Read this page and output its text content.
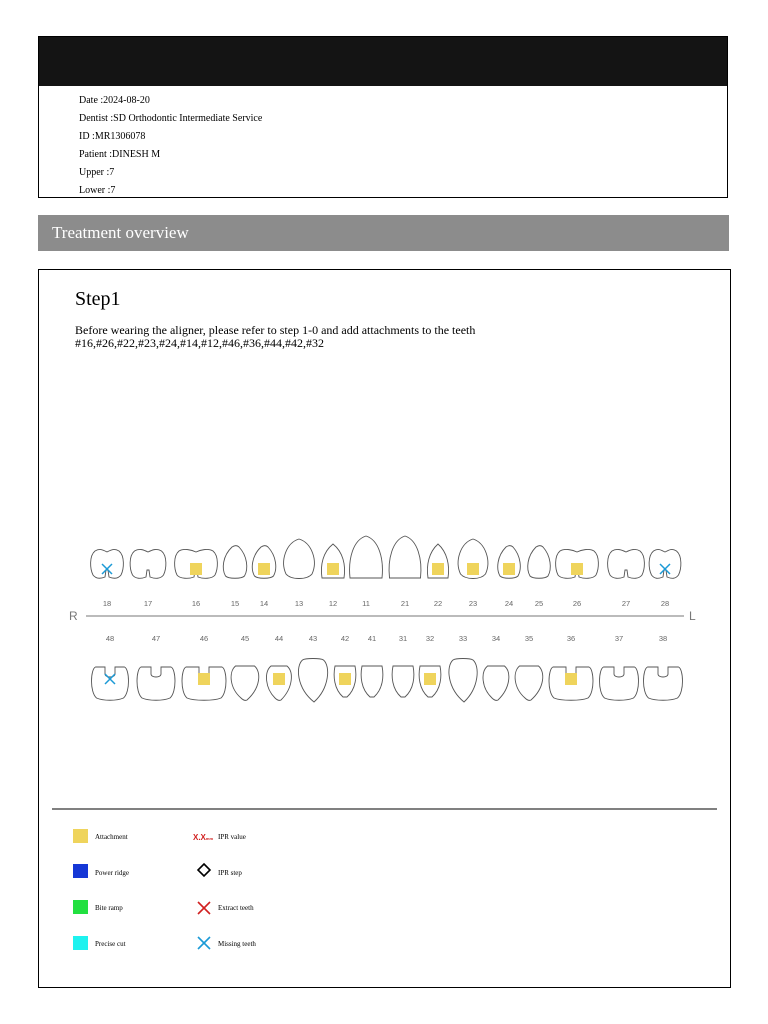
Date :2024-08-20
Dentist :SD Orthodontic Intermediate Service
ID :MR1306078
Patient :DINESH M
Upper :7
Lower :7
Treatment overview
Step1
Before wearing the aligner, please refer to step 1-0 and add attachments to the teeth
#16,#26,#22,#23,#24,#14,#12,#46,#36,#44,#42,#32
R	L
18	17	16	15	14	13	12	11	21	22	23	24	25	26	27	28
48	47	46	45	44	43	42 41	31 32	33	34	35	36	37	38
X.Xmm
Attachment
Power ridge
Bite ramp
Precise cut
IPR value
IPR step
Extract teeth
Missing teeth
